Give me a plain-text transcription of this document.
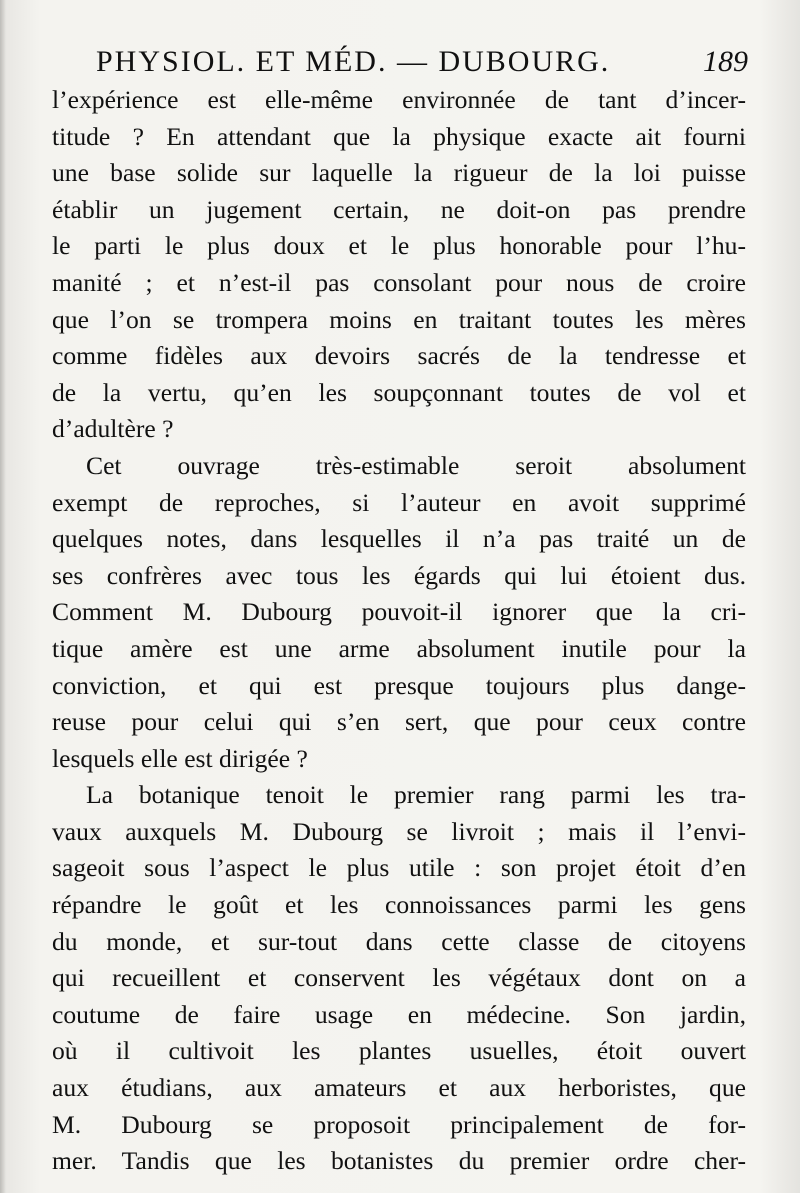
PHYSIOL. ET MÉD. — DUBOURG.	189
l’expérience est elle-même environnée de tant d’incer-
titude ? En attendant que la physique exacte ait fourni
une base solide sur laquelle la rigueur de la loi puisse
établir un jugement certain, ne doit-on pas prendre
le parti le plus doux et le plus honorable pour l’hu-
manité ; et n’est-il pas consolant pour nous de croire
que l’on se trompera moins en traitant toutes les mères
comme fidèles aux devoirs sacrés de la tendresse et
de la vertu, qu’en les soupçonnant toutes de vol et
d’adultère ?
Cet ouvrage très-estimable seroit absolument
exempt de reproches, si l’auteur en avoit supprimé
quelques notes, dans lesquelles il n’a pas traité un de
ses confrères avec tous les égards qui lui étoient dus.
Comment M. Dubourg pouvoit-il ignorer que la cri-
tique amère est une arme absolument inutile pour la
conviction, et qui est presque toujours plus dange-
reuse pour celui qui s’en sert, que pour ceux contre
lesquels elle est dirigée ?
La botanique tenoit le premier rang parmi les tra-
vaux auxquels M. Dubourg se livroit ; mais il l’envi-
sageoit sous l’aspect le plus utile : son projet étoit d’en
répandre le goût et les connoissances parmi les gens
du monde, et sur-tout dans cette classe de citoyens
qui recueillent et conservent les végétaux dont on a
coutume de faire usage en médecine. Son jardin,
où il cultivoit les plantes usuelles, étoit ouvert
aux étudians, aux amateurs et aux herboristes, que
M. Dubourg se proposoit principalement de for-
mer. Tandis que les botanistes du premier ordre cher-
